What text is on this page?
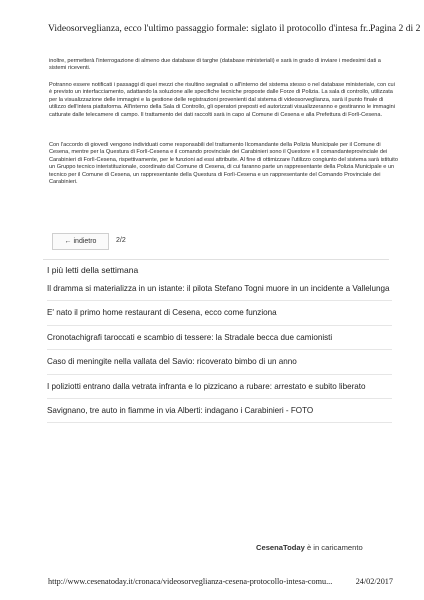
Videosorveglianza, ecco l'ultimo passaggio formale: siglato il protocollo d'intesa fr...
Pagina 2 di 2
inoltre, permetterà l'interrogazione di almeno due database di targhe (database ministeriali) e sarà in grado di inviare i medesimi dati a sistemi riceventi.
Potranno essere notificati i passaggi di quei mezzi che risultino segnalati o all'interno del sistema stesso o nel database ministeriale, con cui è previsto un interfacciamento, adattando la soluzione alle specifiche tecniche proposte dalle Forze di Polizia. La sala di controllo, utilizzata per la visualizzazione delle immagini e la gestione delle registrazioni provenienti dal sistema di videosorveglianza, sarà il punto finale di utilizzo dell'intera piattaforma. All'interno della Sala di Controllo, gli operatori preposti ed autorizzati visualizzeranno e gestiranno le immagini catturate dalle telecamere di campo. Il trattamento dei dati raccolti sarà in capo al Comune di Cesena e alla Prefettura di Forlì-Cesena.
Con l'accordo di giovedì vengono individuati come responsabili del trattamento Ilcomandante della Polizia Municipale per il Comune di Cesena, mentre per la Questura di Forlì-Cesena e il comando provinciale dei Carabinieri sono il Questore e Il comandanteprovinciale dei Carabinieri di Forlì-Cesena, rispettivamente, per le funzioni ad essi attribuite. Al fine di ottimizzare l'utilizzo congiunto del sistema sarà istituito un Gruppo tecnico interistituzionale, coordinato dal Comune di Cesena, di cui faranno parte un rappresentante della Polizia Municipale e un tecnico per il Comune di Cesena, un rappresentante della Questura di Forlì-Cesena e un rappresentante del Comando Provinciale dei Carabinieri.
← indietro	2/2
I più letti della settimana
Il dramma si materializza in un istante: il pilota Stefano Togni muore in un incidente a Vallelunga
E' nato il primo home restaurant di Cesena, ecco come funziona
Cronotachigrafi taroccati e scambio di tessere: la Stradale becca due camionisti
Caso di meningite nella vallata del Savio: ricoverato bimbo di un anno
I poliziotti entrano dalla vetrata infranta e lo pizzicano a rubare: arrestato e subito liberato
Savignano, tre auto in fiamme in via Alberti: indagano i Carabinieri - FOTO
CesenaToday è in caricamento
http://www.cesenatoday.it/cronaca/videosorveglianza-cesena-protocollo-intesa-comu...	24/02/2017
